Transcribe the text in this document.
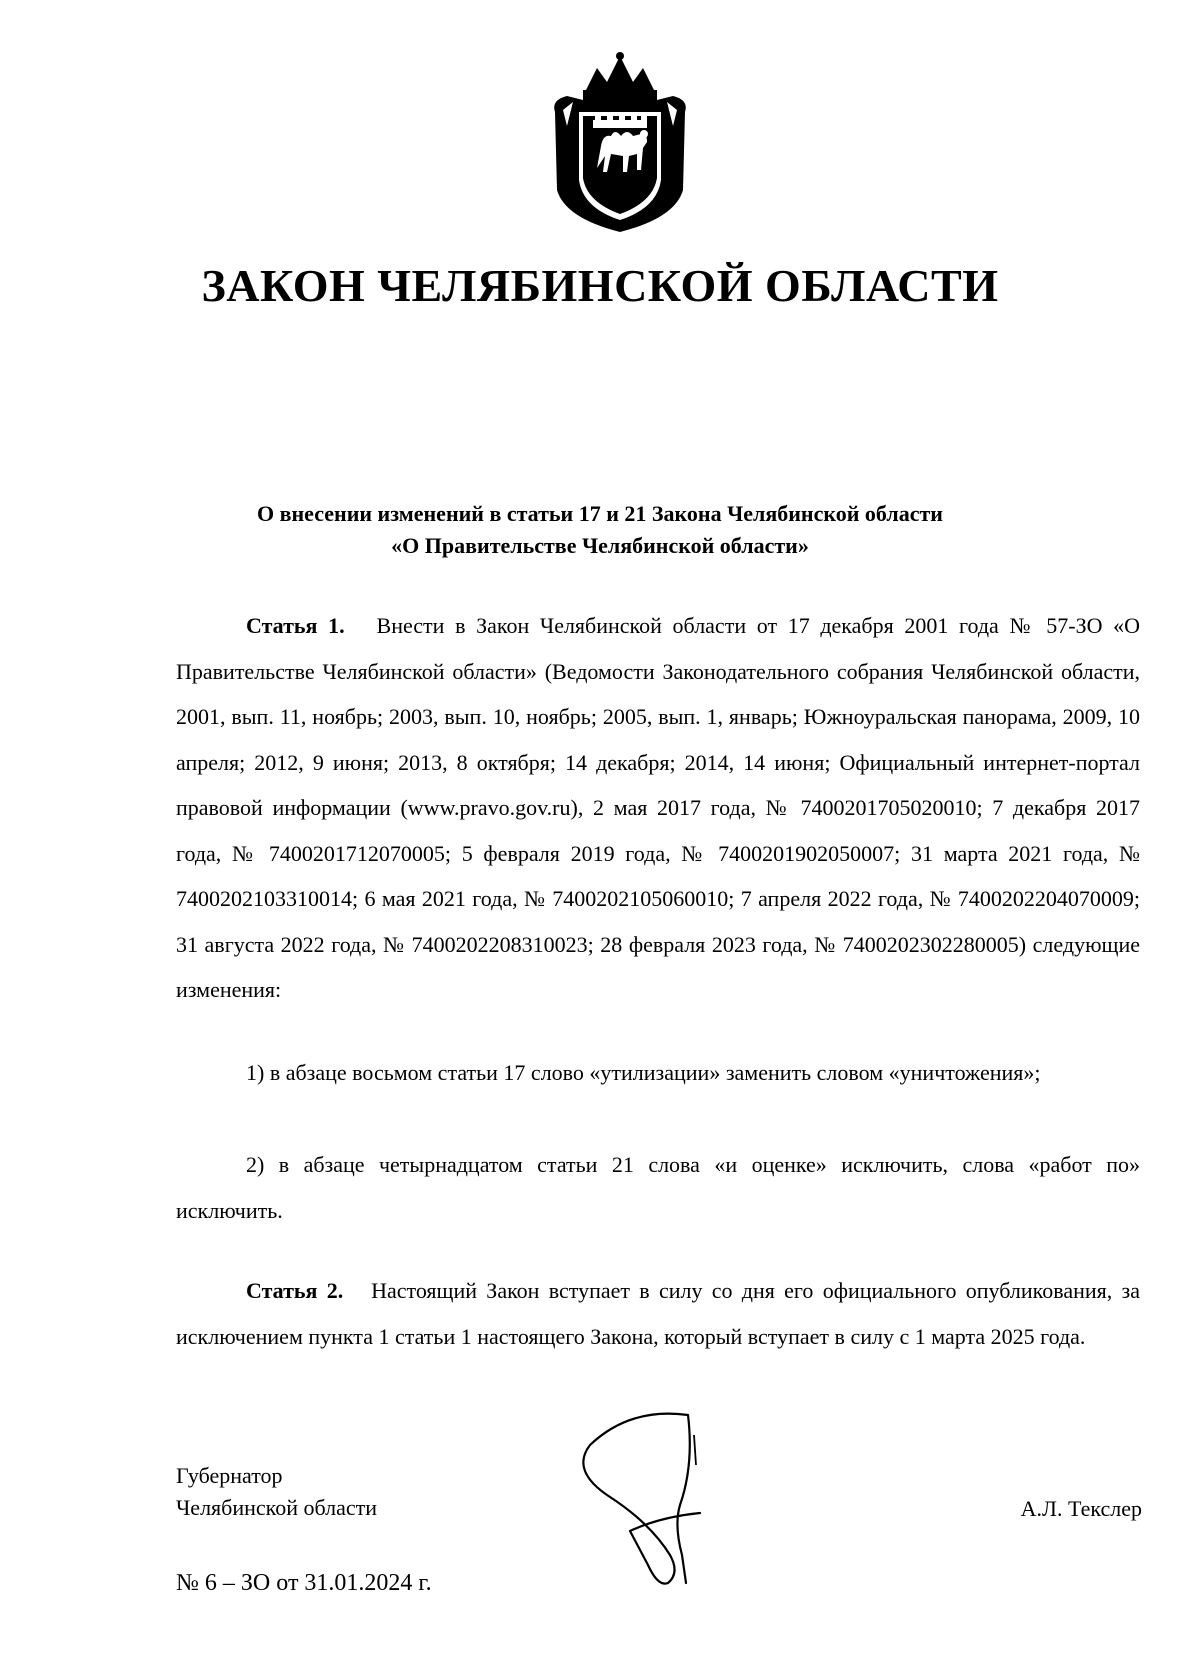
ЗАКОН ЧЕЛЯБИНСКОЙ ОБЛАСТИ
О внесении изменений в статьи 17 и 21 Закона Челябинской области
«О Правительстве Челябинской области»

Статья 1. Внести в Закон Челябинской области от 17 декабря 2001 года № 57-ЗО «О Правительстве Челябинской области» (Ведомости Законодательного собрания Челябинской области, 2001, вып. 11, ноябрь; 2003, вып. 10, ноябрь; 2005, вып. 1, январь; Южноуральская панорама, 2009, 10 апреля; 2012, 9 июня; 2013, 8 октября; 14 декабря; 2014, 14 июня; Официальный интернет-портал правовой информации (www.pravo.gov.ru), 2 мая 2017 года, № 7400201705020010; 7 декабря 2017 года, № 7400201712070005; 5 февраля 2019 года, № 7400201902050007; 31 марта 2021 года, № 7400202103310014; 6 мая 2021 года, № 7400202105060010; 7 апреля 2022 года, № 7400202204070009; 31 августа 2022 года, № 7400202208310023; 28 февраля 2023 года, № 7400202302280005) следующие изменения:

1) в абзаце восьмом статьи 17 слово «утилизации» заменить словом «уничтожения»;

2) в абзаце четырнадцатом статьи 21 слова «и оценке» исключить, слова «работ по» исключить.

Статья 2. Настоящий Закон вступает в силу со дня его официального опубликования, за исключением пункта 1 статьи 1 настоящего Закона, который вступает в силу с 1 марта 2025 года.

Губернатор
Челябинской области	А.Л. Текслер
№ 6 – ЗО от 31.01.2024 г.
